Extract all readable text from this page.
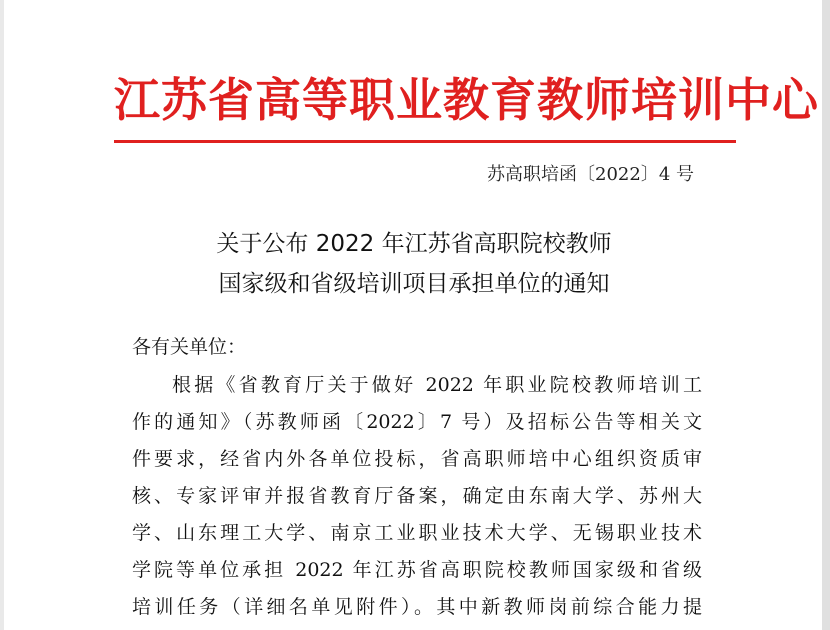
江苏省高等职业教育教师培训中心
苏高职培函〔2022〕4 号
关于公布 2022 年江苏省高职院校教师
国家级和省级培训项目承担单位的通知
各有关单位：
根据《省教育厅关于做好 2022 年职业院校教师培训工
作的通知》（苏教师函〔2022〕7 号）及招标公告等相关文
件要求，经省内外各单位投标，省高职师培中心组织资质审
核、专家评审并报省教育厅备案，确定由东南大学、苏州大
学、山东理工大学、南京工业职业技术大学、无锡职业技术
学院等单位承担 2022 年江苏省高职院校教师国家级和省级
培训任务（详细名单见附件）。其中新教师岗前综合能力提
